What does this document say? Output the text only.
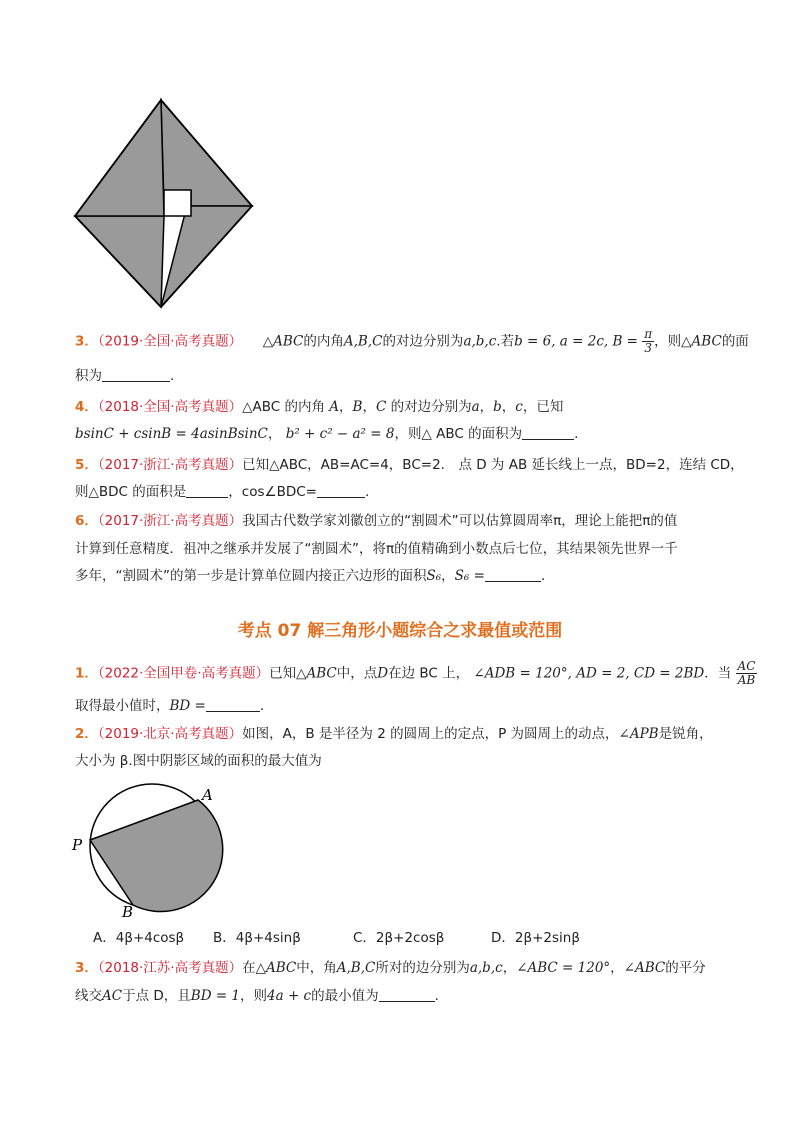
3．（2019·全国·高考真题） △ABC的内角A,B,C的对边分别为a,b,c.若b = 6, a = 2c, $B = \frac{\pi}{3}$ ，则△ABC的面
积为	.
4．（2018·全国·高考真题）△ABC 的内角 A，B，C 的对边分别为a，b，c，已知
bsinC + csinB = 4asinBsinC， b² + c² − a² = 8，则△ ABC 的面积为	.
5．（2017·浙江·高考真题）已知△ABC，AB=AC=4，BC=2． 点 D 为 AB 延长线上一点，BD=2，连结 CD，
则△BDC 的面积是	，cos∠BDC=	.
6．（2017·浙江·高考真题）我国古代数学家刘徽创立的“割圆术”可以估算圆周率π，理论上能把π的值
计算到任意精度．祖冲之继承并发展了“割圆术”，将π的值精确到小数点后七位，其结果领先世界一千
多年，“割圆术”的第一步是计算单位圆内接正六边形的面积S₆，S₆ =	.
考点 07 解三角形小题综合之求最值或范围
1．（2022·全国甲卷·高考真题）已知△ABC中，点D在边 BC 上， ∠ADB = 120°, AD = 2, CD = 2BD．当 $\frac{AC}{AB}$
取得最小值时，BD =	.
2．（2019·北京·高考真题）如图，A，B 是半径为 2 的圆周上的定点，P 为圆周上的动点，∠APB是锐角，
大小为 β.图中阴影区域的面积的最大值为
A
P
B
A．4β+4cosβ B．4β+4sinβ	C．2β+2cosβ	D．2β+2sinβ
3．（2018·江苏·高考真题）在△ABC中，角A,B,C所对的边分别为a,b,c，∠ABC = 120°，∠ABC的平分
线交AC于点 D，且BD = 1，则4a + c的最小值为	.
